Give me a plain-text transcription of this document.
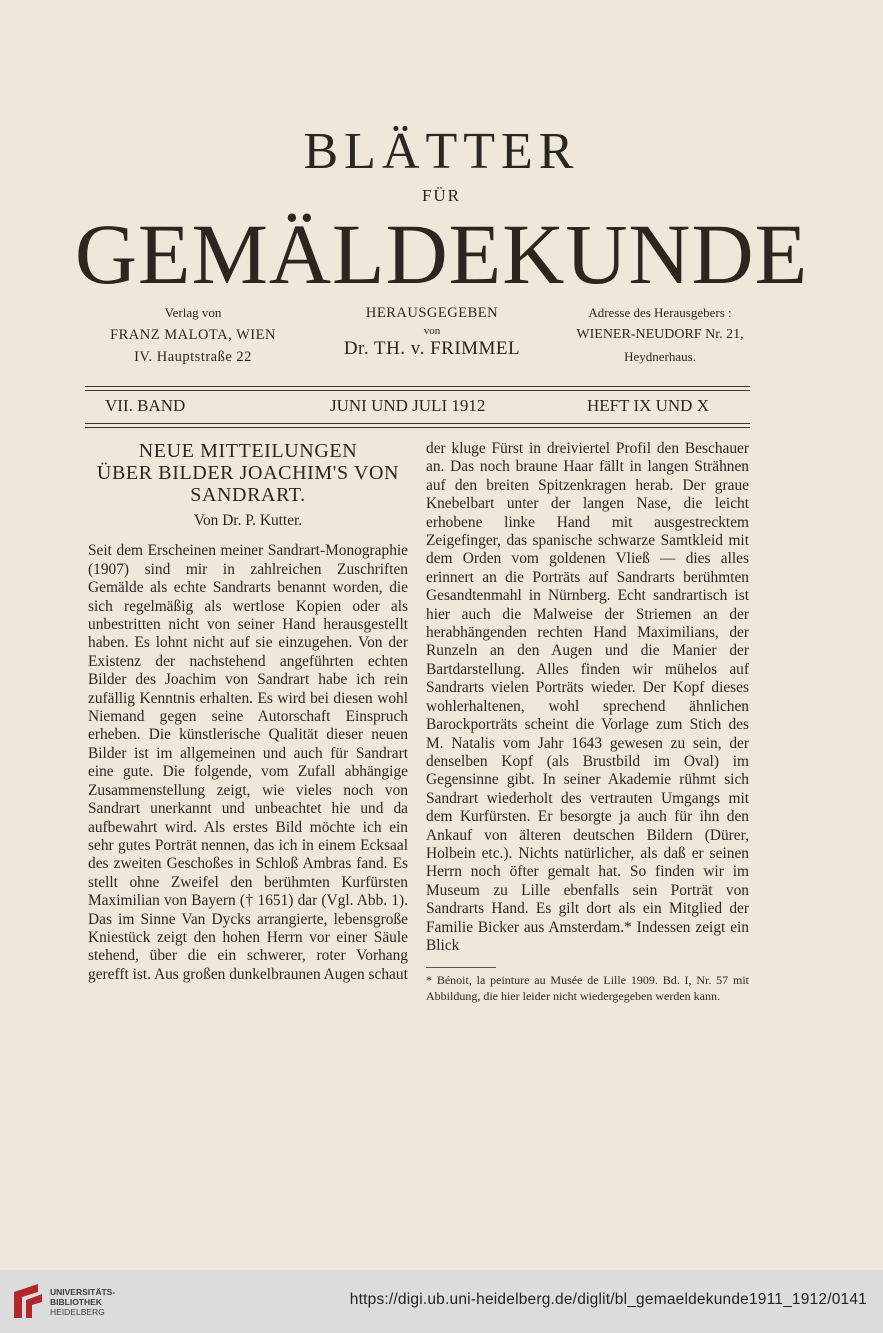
BLÄTTER
FÜR
GEMÄLDEKUNDE
Verlag von
FRANZ MALOTA, WIEN
IV. Hauptstraße 22
HERAUSGEGEBEN
von
Dr. TH. v. FRIMMEL
Adresse des Herausgebers :
WIENER-NEUDORF Nr. 21,
Heydnerhaus.
VII. BAND	JUNI UND JULI 1912	HEFT IX UND X
NEUE MITTEILUNGEN
ÜBER BILDER JOACHIM'S VON
SANDRART.
Von Dr. P. Kutter.

Seit dem Erscheinen meiner Sandrart-Monographie (1907) sind mir in zahlreichen Zuschriften Gemälde als echte Sandrarts benannt worden, die sich regelmäßig als wertlose Kopien oder als unbestritten nicht von seiner Hand herausgestellt haben. Es lohnt nicht auf sie einzugehen. Von der Existenz der nachstehend angeführten echten Bilder des Joachim von Sandrart habe ich rein zufällig Kenntnis erhalten. Es wird bei diesen wohl Niemand gegen seine Autorschaft Einspruch erheben. Die künstlerische Qualität dieser neuen Bilder ist im allgemeinen und auch für Sandrart eine gute. Die folgende, vom Zufall abhängige Zusammenstellung zeigt, wie vieles noch von Sandrart unerkannt und unbeachtet hie und da aufbewahrt wird. Als erstes Bild möchte ich ein sehr gutes Porträt nennen, das ich in einem Ecksaal des zweiten Geschoßes in Schloß Ambras fand. Es stellt ohne Zweifel den berühmten Kurfürsten Maximilian von Bayern († 1651) dar (Vgl. Abb. 1). Das im Sinne Van Dycks arrangierte, lebensgroße Kniestück zeigt den hohen Herrn vor einer Säule stehend, über die ein schwerer, roter Vorhang gerefft ist. Aus großen dunkelbraunen Augen schaut

der kluge Fürst in dreiviertel Profil den Beschauer an. Das noch braune Haar fällt in langen Strähnen auf den breiten Spitzenkragen herab. Der graue Knebelbart unter der langen Nase, die leicht erhobene linke Hand mit ausgestrecktem Zeigefinger, das spanische schwarze Samtkleid mit dem Orden vom goldenen Vließ — dies alles erinnert an die Porträts auf Sandrarts berühmten Gesandtenmahl in Nürnberg. Echt sandrartisch ist hier auch die Malweise der Striemen an der herabhängenden rechten Hand Maximilians, der Runzeln an den Augen und die Manier der Bartdarstellung. Alles finden wir mühelos auf Sandrarts vielen Porträts wieder. Der Kopf dieses wohlerhaltenen, wohl sprechend ähnlichen Barockporträts scheint die Vorlage zum Stich des M. Natalis vom Jahr 1643 gewesen zu sein, der denselben Kopf (als Brustbild im Oval) im Gegensinne gibt. In seiner Akademie rühmt sich Sandrart wiederholt des vertrauten Umgangs mit dem Kurfürsten. Er besorgte ja auch für ihn den Ankauf von älteren deutschen Bildern (Dürer, Holbein etc.). Nichts natürlicher, als daß er seinen Herrn noch öfter gemalt hat. So finden wir im Museum zu Lille ebenfalls sein Porträt von Sandrarts Hand. Es gilt dort als ein Mitglied der Familie Bicker aus Amsterdam.* Indessen zeigt ein Blick

* Bénoit, la peinture au Musée de Lille 1909. Bd. I, Nr. 57 mit Abbildung, die hier leider nicht wiedergegeben werden kann.
UNIVERSITÄTS-
BIBLIOTHEK
HEIDELBERG
https://digi.ub.uni-heidelberg.de/diglit/bl_gemaeldekunde1911_1912/0141
